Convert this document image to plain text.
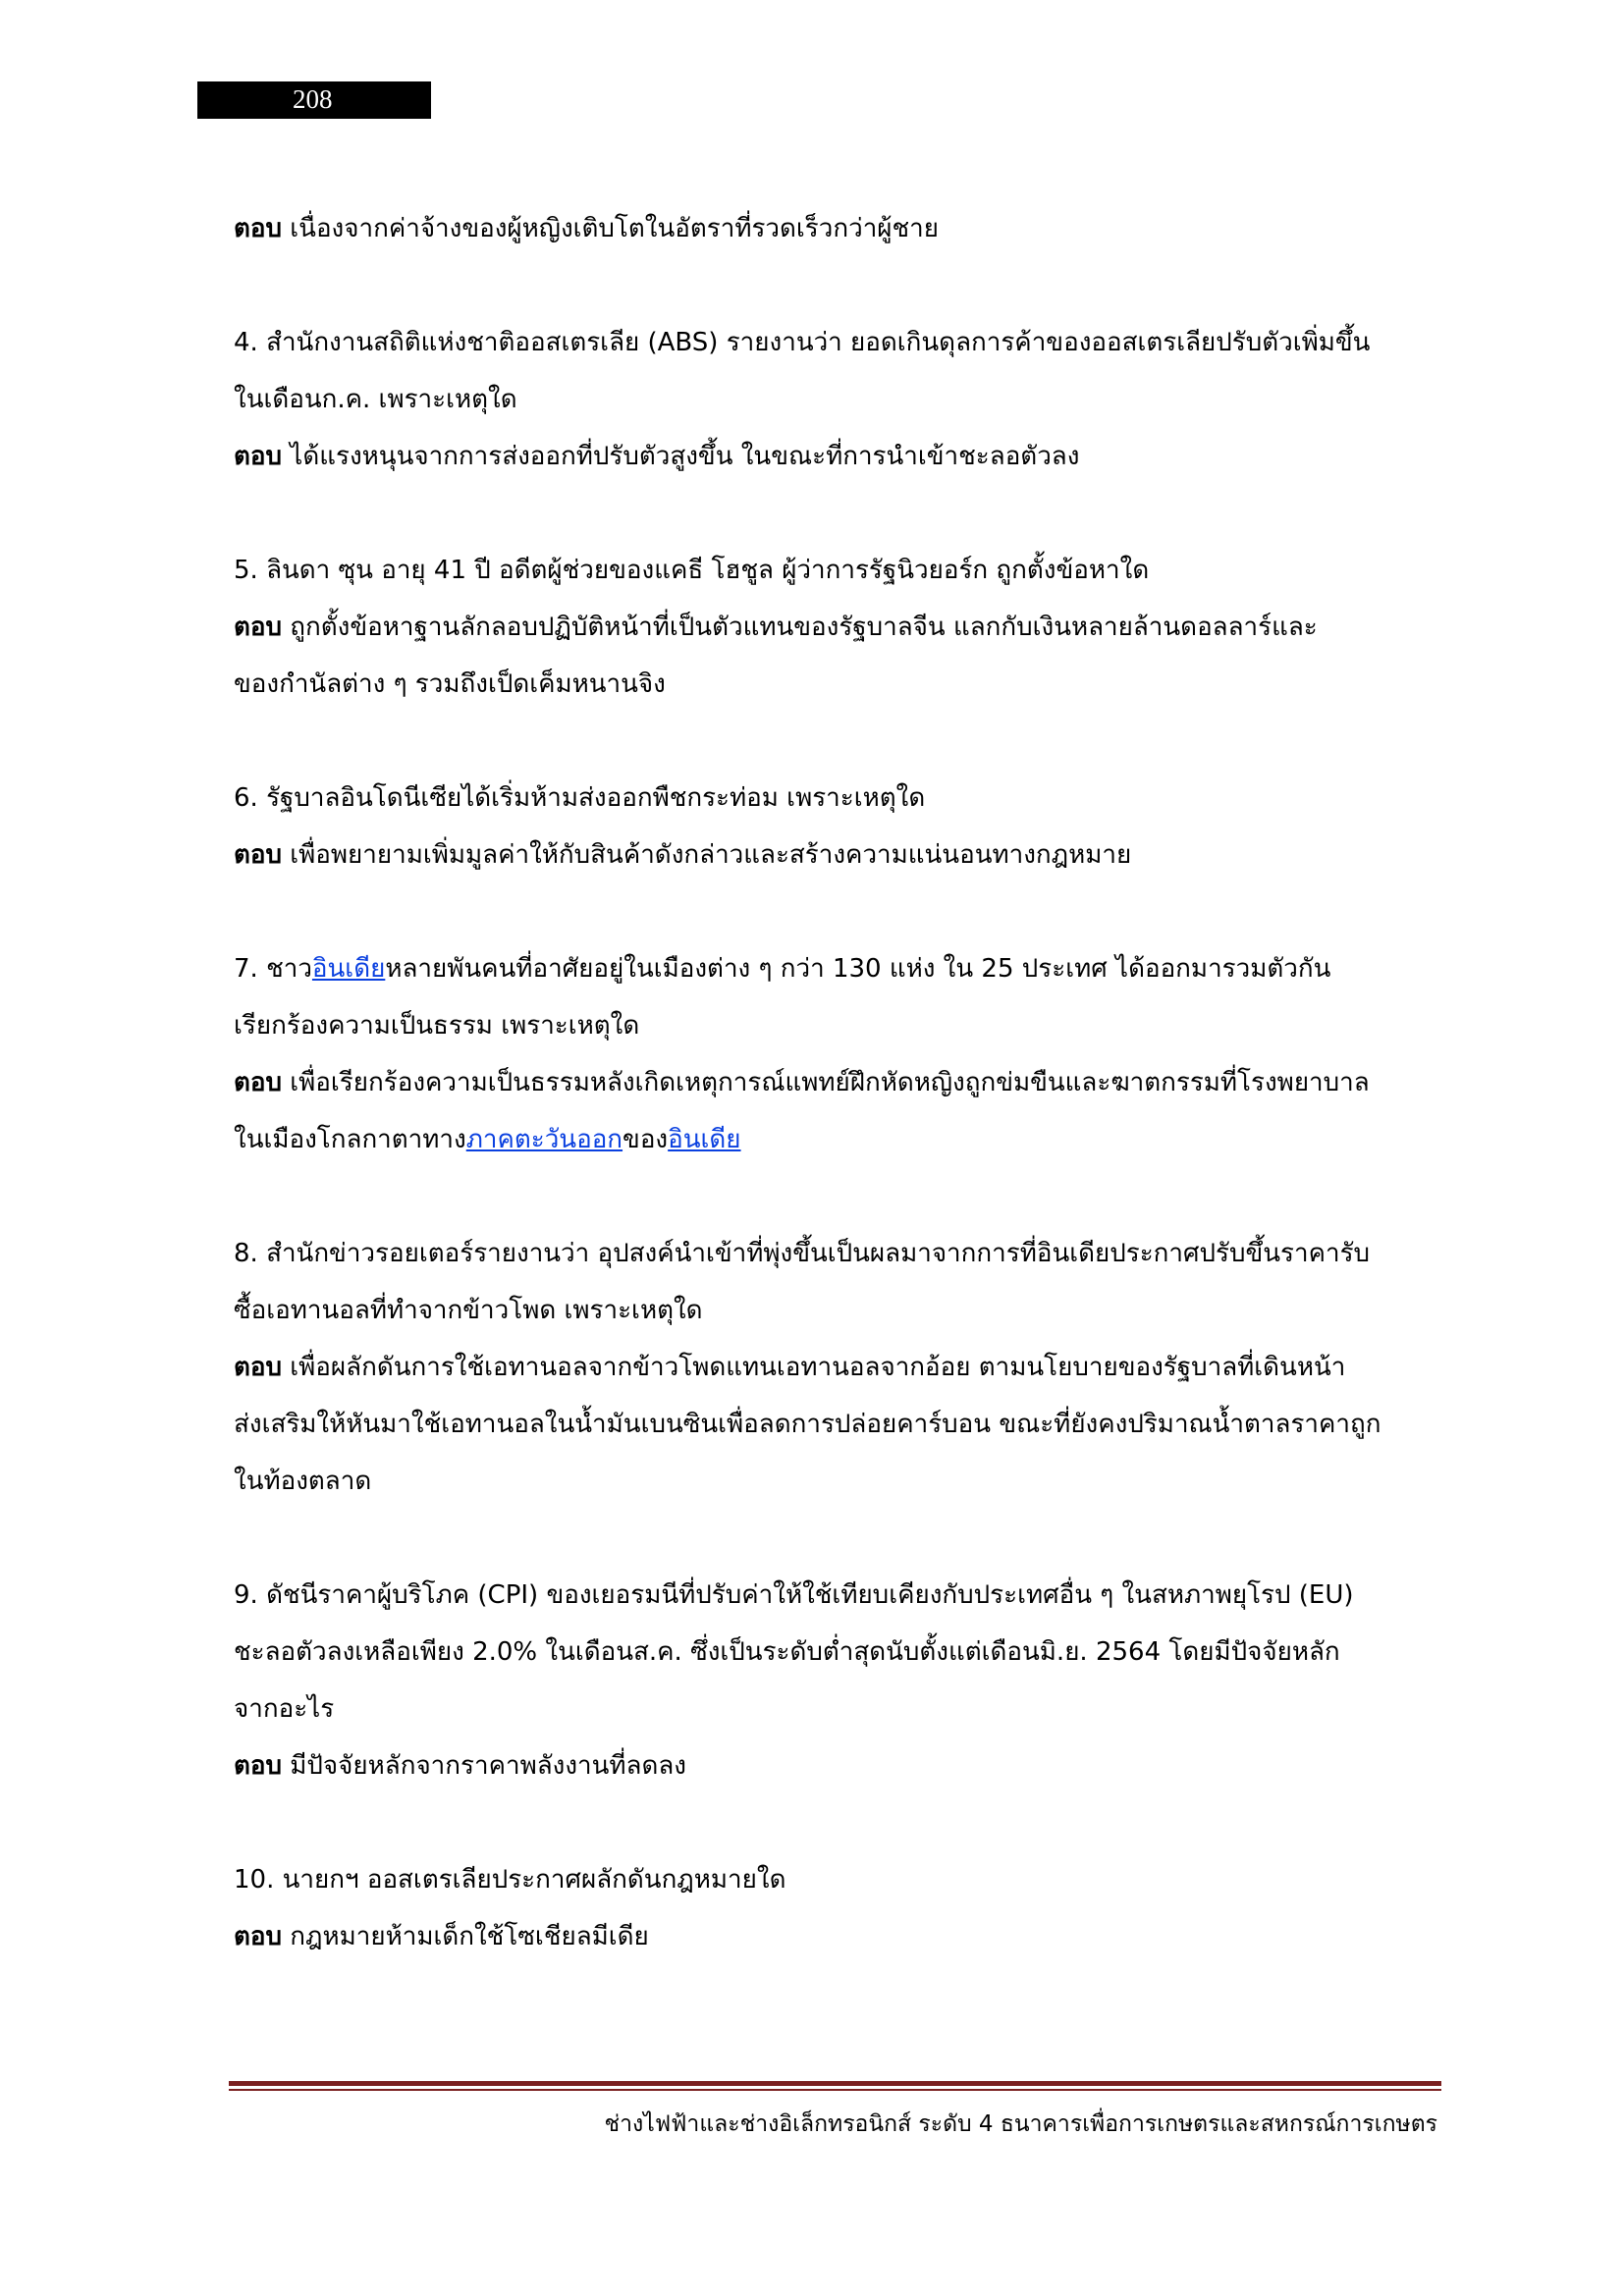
208
ตอบ เนื่องจากค่าจ้างของผู้หญิงเติบโตในอัตราที่รวดเร็วกว่าผู้ชาย
4. สำนักงานสถิติแห่งชาติออสเตรเลีย (ABS) รายงานว่า ยอดเกินดุลการค้าของออสเตรเลียปรับตัวเพิ่มขึ้น
ในเดือนก.ค. เพราะเหตุใด
ตอบ ได้แรงหนุนจากการส่งออกที่ปรับตัวสูงขึ้น ในขณะที่การนำเข้าชะลอตัวลง
5. ลินดา ซุน อายุ 41 ปี อดีตผู้ช่วยของแคธี โฮชูล ผู้ว่าการรัฐนิวยอร์ก ถูกตั้งข้อหาใด
ตอบ ถูกตั้งข้อหาฐานลักลอบปฏิบัติหน้าที่เป็นตัวแทนของรัฐบาลจีน แลกกับเงินหลายล้านดอลลาร์และ
ของกำนัลต่าง ๆ รวมถึงเป็ดเค็มหนานจิง
6. รัฐบาลอินโดนีเซียได้เริ่มห้ามส่งออกพืชกระท่อม เพราะเหตุใด
ตอบ เพื่อพยายามเพิ่มมูลค่าให้กับสินค้าดังกล่าวและสร้างความแน่นอนทางกฎหมาย
7. ชาวอินเดียหลายพันคนที่อาศัยอยู่ในเมืองต่าง ๆ กว่า 130 แห่ง ใน 25 ประเทศ ได้ออกมารวมตัวกัน
เรียกร้องความเป็นธรรม เพราะเหตุใด
ตอบ เพื่อเรียกร้องความเป็นธรรมหลังเกิดเหตุการณ์แพทย์ฝึกหัดหญิงถูกข่มขืนและฆาตกรรมที่โรงพยาบาล
ในเมืองโกลกาตาทางภาคตะวันออกของอินเดีย
8. สำนักข่าวรอยเตอร์รายงานว่า อุปสงค์นำเข้าที่พุ่งขึ้นเป็นผลมาจากการที่อินเดียประกาศปรับขึ้นราคารับ
ซื้อเอทานอลที่ทำจากข้าวโพด เพราะเหตุใด
ตอบ เพื่อผลักดันการใช้เอทานอลจากข้าวโพดแทนเอทานอลจากอ้อย ตามนโยบายของรัฐบาลที่เดินหน้า
ส่งเสริมให้หันมาใช้เอทานอลในน้ำมันเบนซินเพื่อลดการปล่อยคาร์บอน ขณะที่ยังคงปริมาณน้ำตาลราคาถูก
ในท้องตลาด
9. ดัชนีราคาผู้บริโภค (CPI) ของเยอรมนีที่ปรับค่าให้ใช้เทียบเคียงกับประเทศอื่น ๆ ในสหภาพยุโรป (EU)
ชะลอตัวลงเหลือเพียง 2.0% ในเดือนส.ค. ซึ่งเป็นระดับต่ำสุดนับตั้งแต่เดือนมิ.ย. 2564 โดยมีปัจจัยหลัก
จากอะไร
ตอบ มีปัจจัยหลักจากราคาพลังงานที่ลดลง
10. นายกฯ ออสเตรเลียประกาศผลักดันกฎหมายใด
ตอบ กฎหมายห้ามเด็กใช้โซเชียลมีเดีย
ช่างไฟฟ้าและช่างอิเล็กทรอนิกส์ ระดับ 4 ธนาคารเพื่อการเกษตรและสหกรณ์การเกษตร
